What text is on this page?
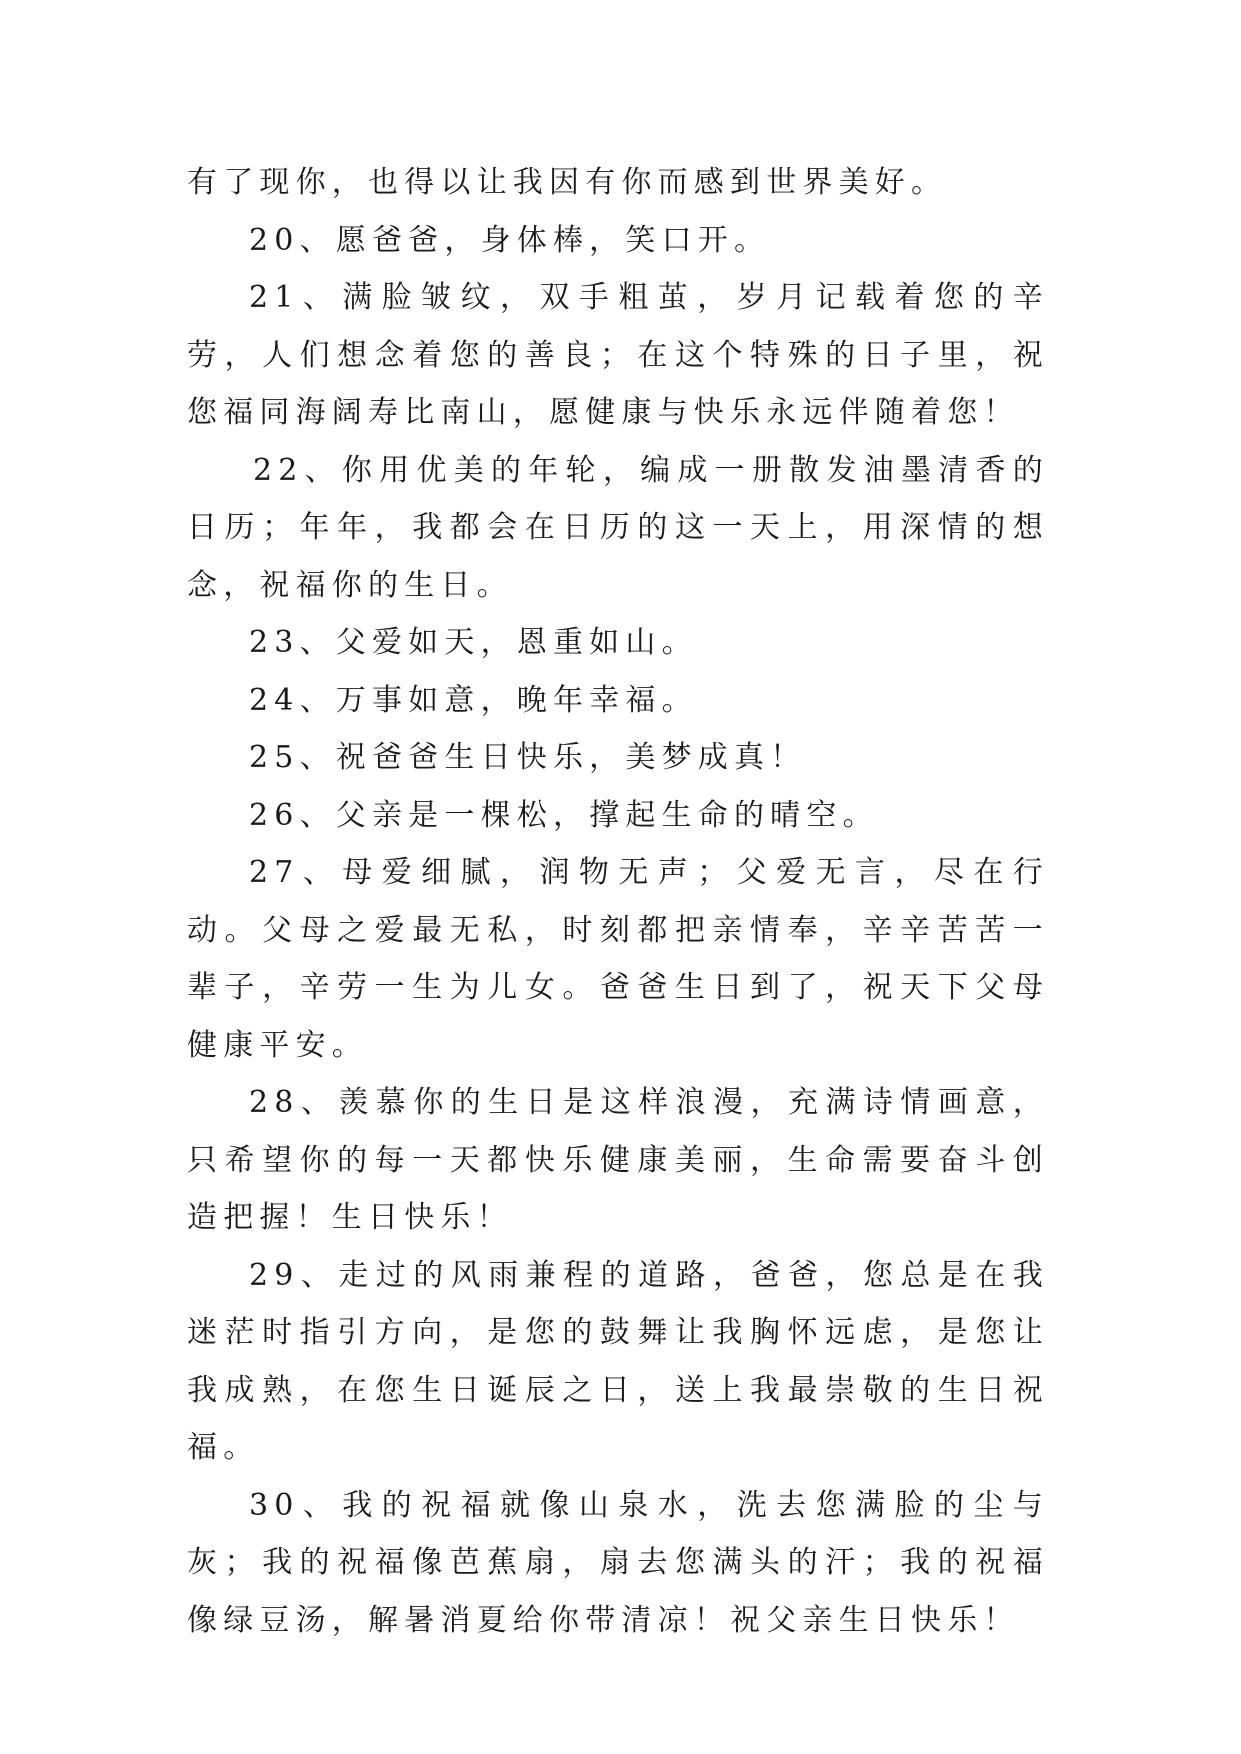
有了现你，也得以让我因有你而感到世界美好。

20、愿爸爸，身体棒，笑口开。

21、满脸皱纹，双手粗茧，岁月记载着您的辛劳，人们想念着您的善良；在这个特殊的日子里，祝您福同海阔寿比南山，愿健康与快乐永远伴随着您！

22、你用优美的年轮，编成一册散发油墨清香的日历；年年，我都会在日历的这一天上，用深情的想念，祝福你的生日。

23、父爱如天，恩重如山。

24、万事如意，晚年幸福。

25、祝爸爸生日快乐，美梦成真！

26、父亲是一棵松，撑起生命的晴空。

27、母爱细腻，润物无声；父爱无言，尽在行动。父母之爱最无私，时刻都把亲情奉，辛辛苦苦一辈子，辛劳一生为儿女。爸爸生日到了，祝天下父母健康平安。

28、羡慕你的生日是这样浪漫，充满诗情画意，只希望你的每一天都快乐健康美丽，生命需要奋斗创造把握！生日快乐！

29、走过的风雨兼程的道路，爸爸，您总是在我迷茫时指引方向，是您的鼓舞让我胸怀远虑，是您让我成熟，在您生日诞辰之日，送上我最崇敬的生日祝福。

30、我的祝福就像山泉水，洗去您满脸的尘与灰；我的祝福像芭蕉扇，扇去您满头的汗；我的祝福像绿豆汤，解暑消夏给你带清凉！祝父亲生日快乐！
